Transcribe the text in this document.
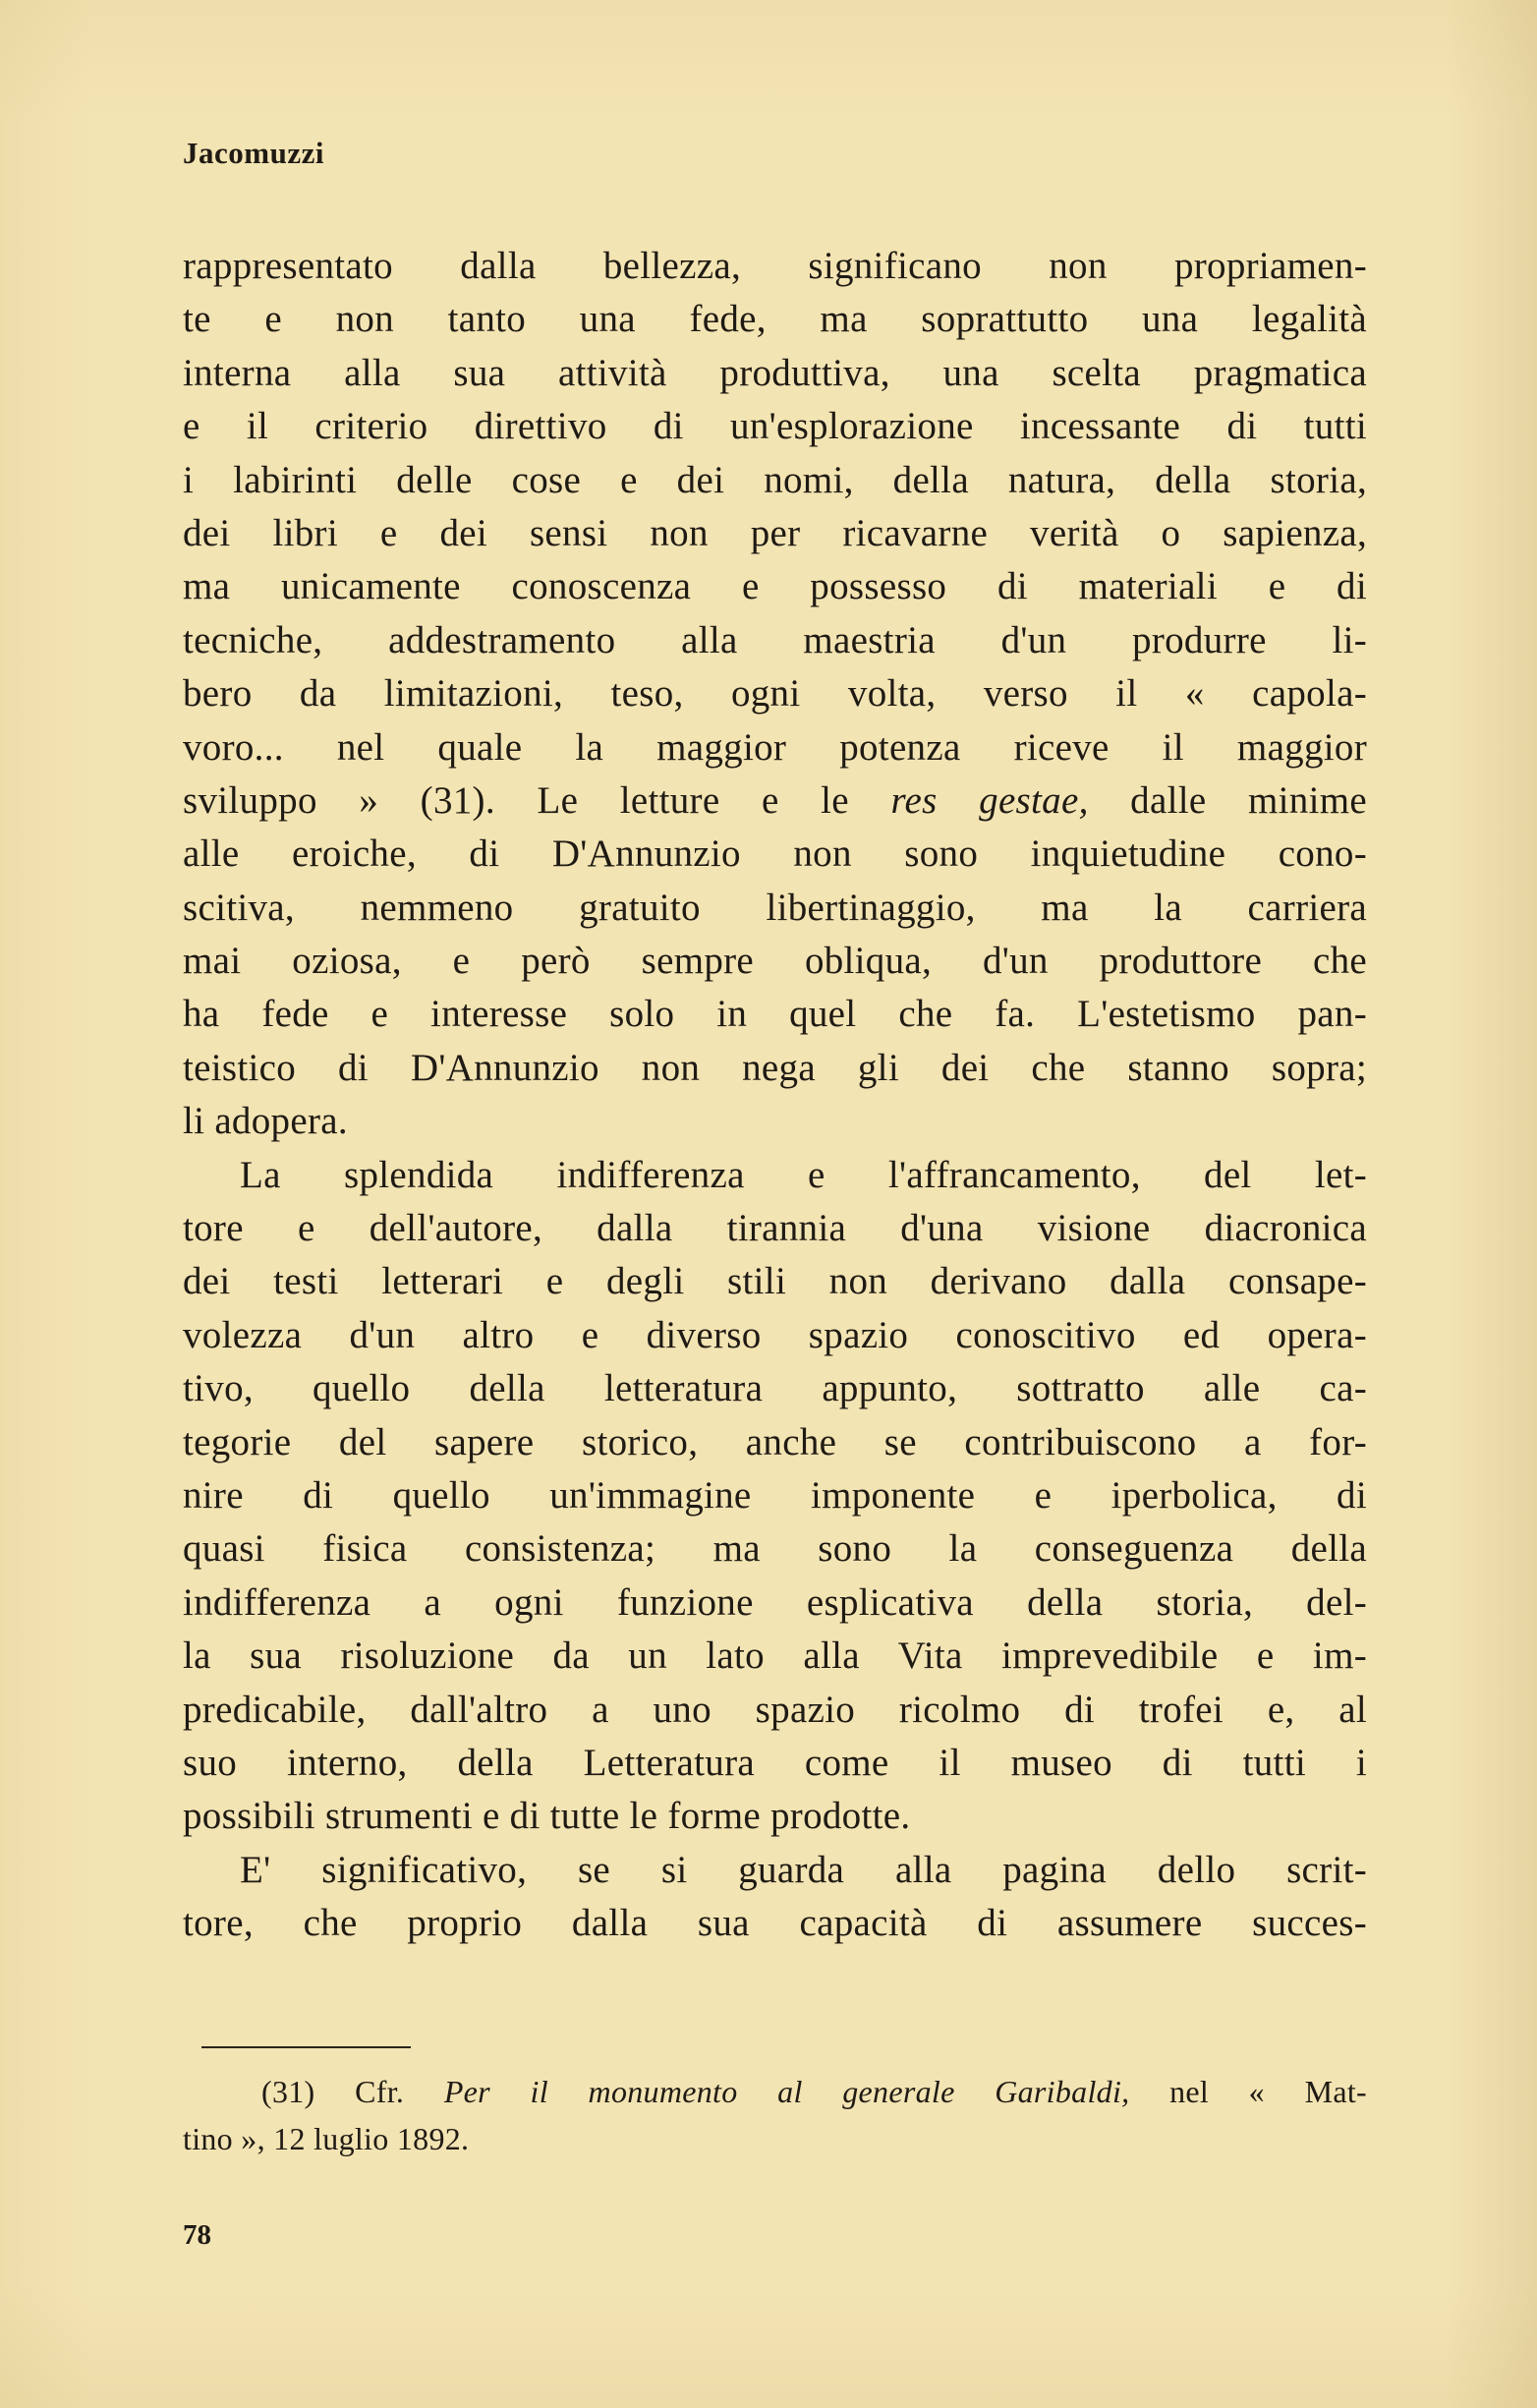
Jacomuzzi

rappresentato dalla bellezza, significano non propriamen-
te e non tanto una fede, ma soprattutto una legalità
interna alla sua attività produttiva, una scelta pragmatica
e il criterio direttivo di un'esplorazione incessante di tutti
i labirinti delle cose e dei nomi, della natura, della storia,
dei libri e dei sensi non per ricavarne verità o sapienza,
ma unicamente conoscenza e possesso di materiali e di
tecniche, addestramento alla maestria d'un produrre li-
bero da limitazioni, teso, ogni volta, verso il « capola-
voro... nel quale la maggior potenza riceve il maggior
sviluppo » (31). Le letture e le res gestae, dalle minime
alle eroiche, di D'Annunzio non sono inquietudine cono-
scitiva, nemmeno gratuito libertinaggio, ma la carriera
mai oziosa, e però sempre obliqua, d'un produttore che
ha fede e interesse solo in quel che fa. L'estetismo pan-
teistico di D'Annunzio non nega gli dei che stanno sopra;
li adopera.
La splendida indifferenza e l'affrancamento, del let-
tore e dell'autore, dalla tirannia d'una visione diacronica
dei testi letterari e degli stili non derivano dalla consape-
volezza d'un altro e diverso spazio conoscitivo ed opera-
tivo, quello della letteratura appunto, sottratto alle ca-
tegorie del sapere storico, anche se contribuiscono a for-
nire di quello un'immagine imponente e iperbolica, di
quasi fisica consistenza; ma sono la conseguenza della
indifferenza a ogni funzione esplicativa della storia, del-
la sua risoluzione da un lato alla Vita imprevedibile e im-
predicabile, dall'altro a uno spazio ricolmo di trofei e, al
suo interno, della Letteratura come il museo di tutti i
possibili strumenti e di tutte le forme prodotte.
E' significativo, se si guarda alla pagina dello scrit-
tore, che proprio dalla sua capacità di assumere succes-
(31) Cfr. Per il monumento al generale Garibaldi, nel « Mat-
tino », 12 luglio 1892.

78
